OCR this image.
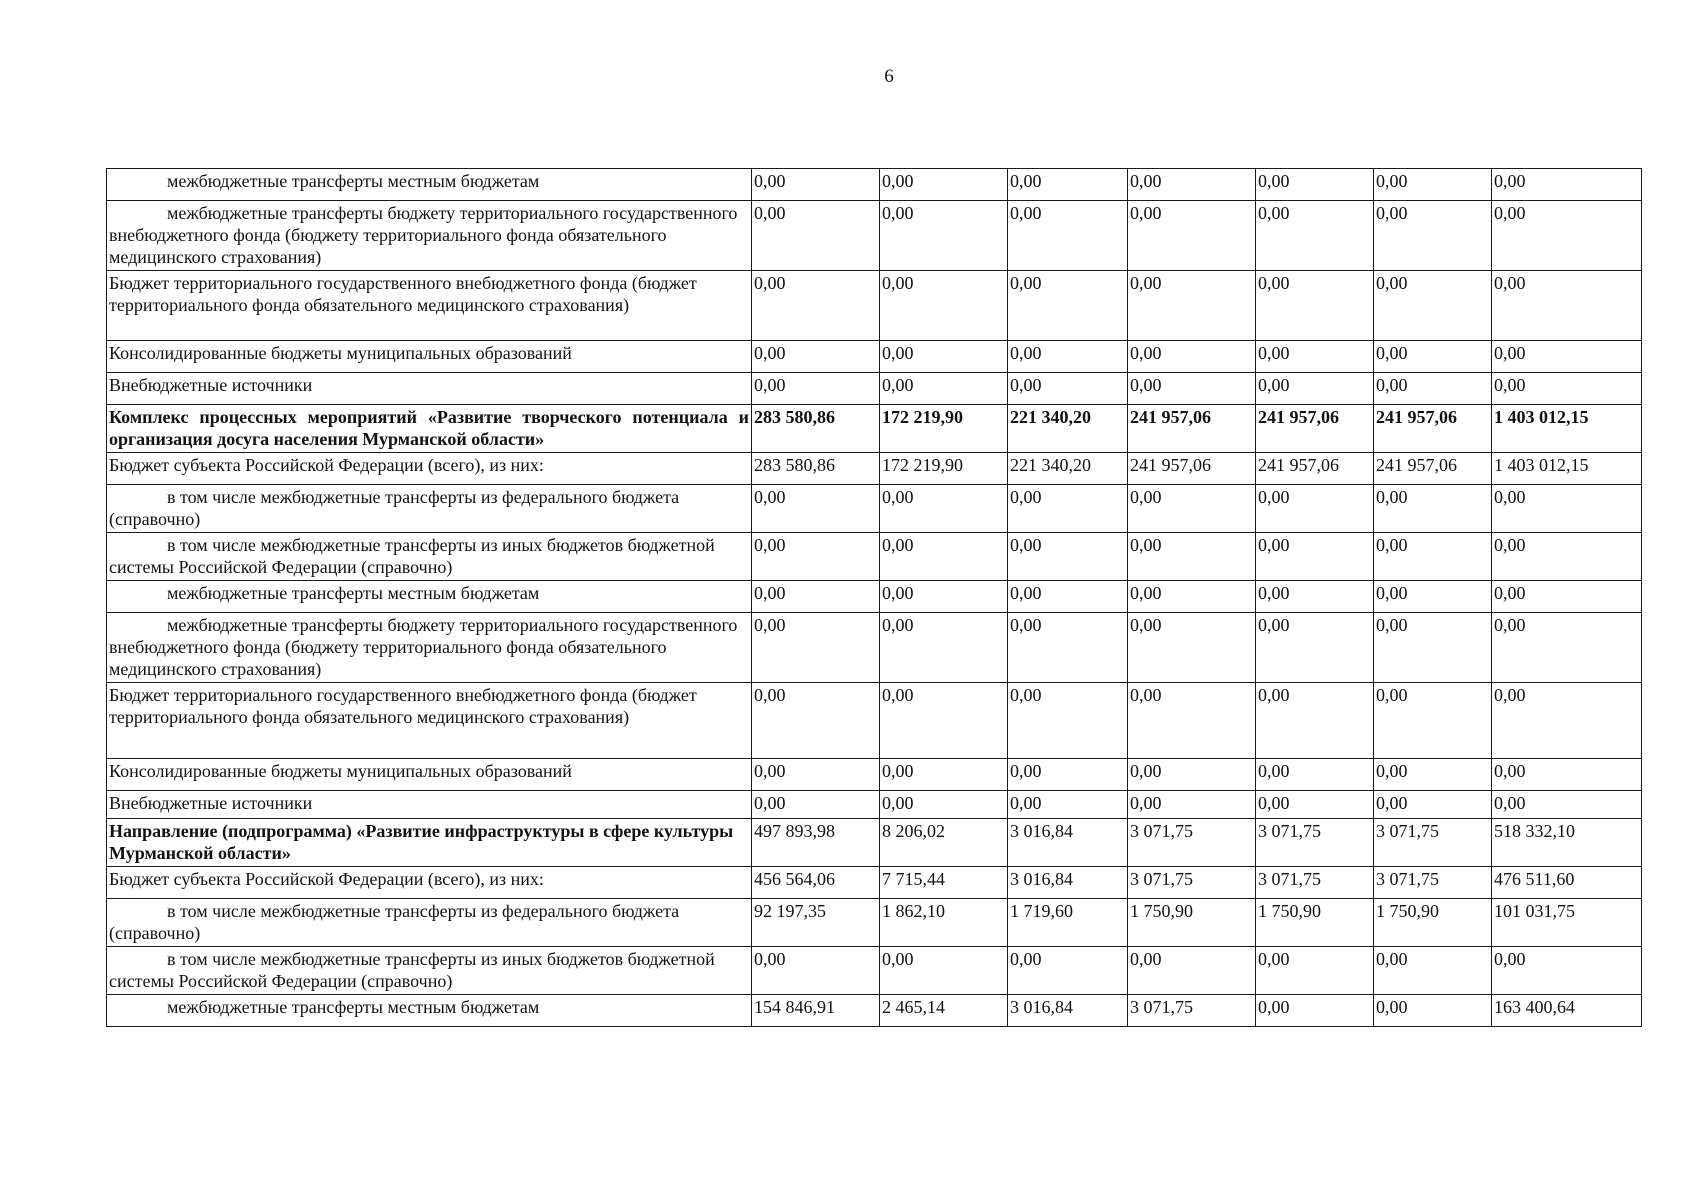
6
межбюджетные трансферты местным бюджетам	0,00	0,00	0,00	0,00	0,00	0,00	0,00

межбюджетные трансферты бюджету территориального государственного внебюджетного фонда (бюджету территориального фонда обязательного медицинского страхования)	0,00	0,00	0,00	0,00	0,00	0,00	0,00

Бюджет территориального государственного внебюджетного фонда (бюджет территориального фонда обязательного медицинского страхования)	0,00	0,00	0,00	0,00	0,00	0,00	0,00

Консолидированные бюджеты муниципальных образований	0,00	0,00	0,00	0,00	0,00	0,00	0,00

Внебюджетные источники	0,00	0,00	0,00	0,00	0,00	0,00	0,00

Комплекс процессных мероприятий «Развитие творческого потенциала и организация досуга населения Мурманской области»	283 580,86	172 219,90	221 340,20	241 957,06	241 957,06	241 957,06	1 403 012,15

Бюджет субъекта Российской Федерации (всего), из них:	283 580,86	172 219,90	221 340,20	241 957,06	241 957,06	241 957,06	1 403 012,15

в том числе межбюджетные трансферты из федерального бюджета (справочно)	0,00	0,00	0,00	0,00	0,00	0,00	0,00

в том числе межбюджетные трансферты из иных бюджетов бюджетной системы Российской Федерации (справочно)	0,00	0,00	0,00	0,00	0,00	0,00	0,00

межбюджетные трансферты местным бюджетам	0,00	0,00	0,00	0,00	0,00	0,00	0,00

межбюджетные трансферты бюджету территориального государственного внебюджетного фонда (бюджету территориального фонда обязательного медицинского страхования)	0,00	0,00	0,00	0,00	0,00	0,00	0,00

Бюджет территориального государственного внебюджетного фонда (бюджет территориального фонда обязательного медицинского страхования)	0,00	0,00	0,00	0,00	0,00	0,00	0,00

Консолидированные бюджеты муниципальных образований	0,00	0,00	0,00	0,00	0,00	0,00	0,00

Внебюджетные источники	0,00	0,00	0,00	0,00	0,00	0,00	0,00

Направление (подпрограмма) «Развитие инфраструктуры в сфере культуры Мурманской области»	497 893,98	8 206,02	3 016,84	3 071,75	3 071,75	3 071,75	518 332,10

Бюджет субъекта Российской Федерации (всего), из них:	456 564,06	7 715,44	3 016,84	3 071,75	3 071,75	3 071,75	476 511,60

в том числе межбюджетные трансферты из федерального бюджета (справочно)	92 197,35	1 862,10	1 719,60	1 750,90	1 750,90	1 750,90	101 031,75

в том числе межбюджетные трансферты из иных бюджетов бюджетной системы Российской Федерации (справочно)	0,00	0,00	0,00	0,00	0,00	0,00	0,00

межбюджетные трансферты местным бюджетам	154 846,91	2 465,14	3 016,84	3 071,75	0,00	0,00	163 400,64
